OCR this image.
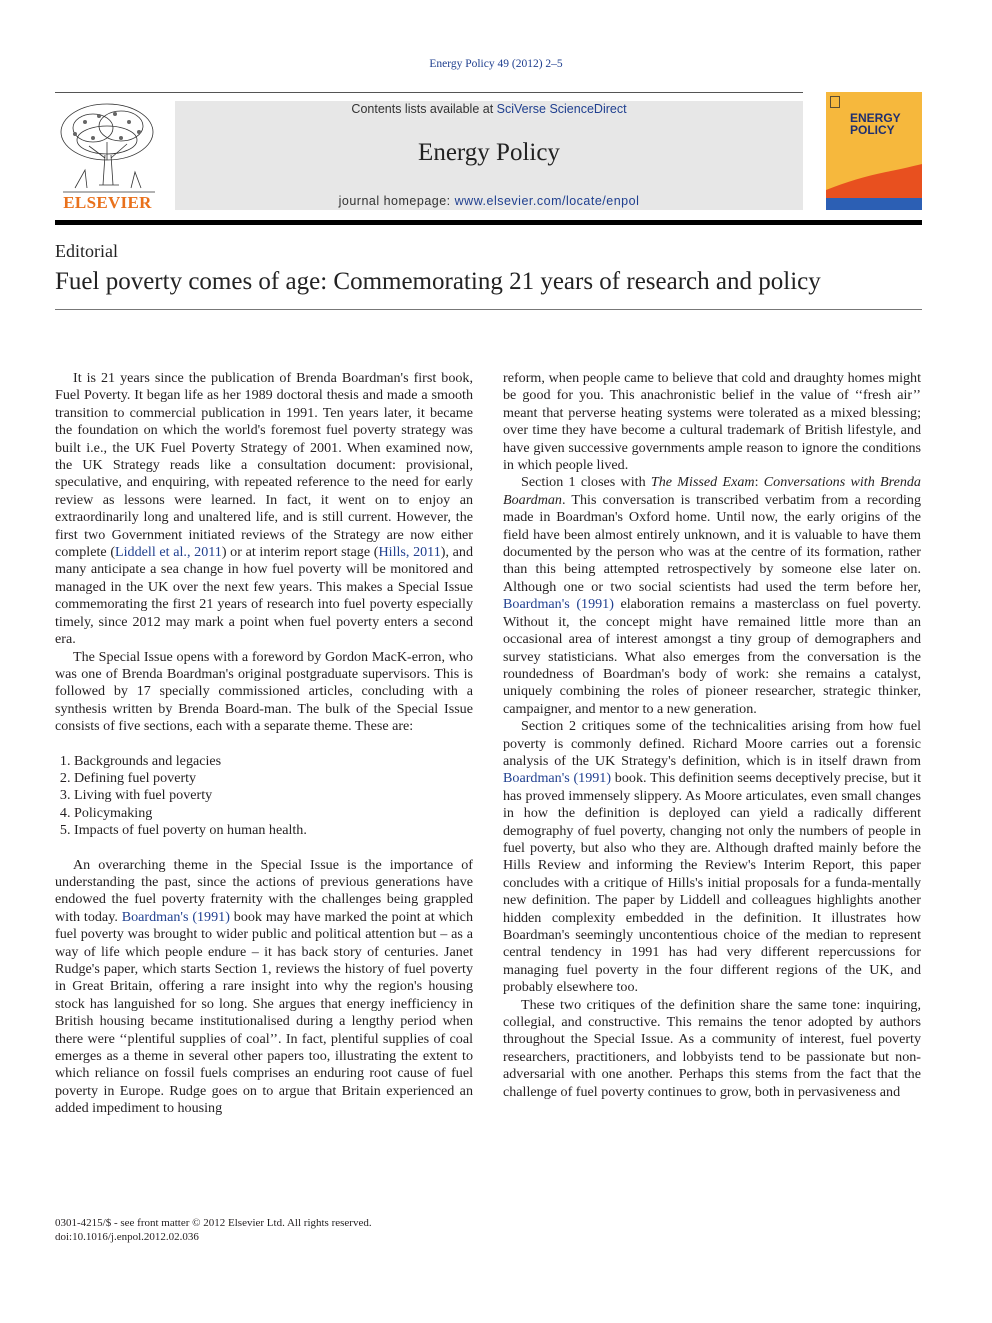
Energy Policy 49 (2012) 2–5
ELSEVIER
Contents lists available at SciVerse ScienceDirect
Energy Policy
journal homepage: www.elsevier.com/locate/enpol
ENERGY
POLICY
Editorial
Fuel poverty comes of age: Commemorating 21 years of research and policy

It is 21 years since the publication of Brenda Boardman's first book, Fuel Poverty. It began life as her 1989 doctoral thesis and made a smooth transition to commercial publication in 1991. Ten years later, it became the foundation on which the world's foremost fuel poverty strategy was built i.e., the UK Fuel Poverty Strategy of 2001. When examined now, the UK Strategy reads like a consultation document: provisional, speculative, and enquiring, with repeated reference to the need for early review as lessons were learned. In fact, it went on to enjoy an extraordinarily long and unaltered life, and is still current. However, the first two Government initiated reviews of the Strategy are now either complete (Liddell et al., 2011) or at interim report stage (Hills, 2011), and many anticipate a sea change in how fuel poverty will be monitored and managed in the UK over the next few years. This makes a Special Issue commemorating the first 21 years of research into fuel poverty especially timely, since 2012 may mark a point when fuel poverty enters a second era.

The Special Issue opens with a foreword by Gordon MacK-erron, who was one of Brenda Boardman's original postgraduate supervisors. This is followed by 17 specially commissioned articles, concluding with a synthesis written by Brenda Board-man. The bulk of the Special Issue consists of five sections, each with a separate theme. These are:

1. Backgrounds and legacies
2. Defining fuel poverty
3. Living with fuel poverty
4. Policymaking
5. Impacts of fuel poverty on human health.

An overarching theme in the Special Issue is the importance of understanding the past, since the actions of previous generations have endowed the fuel poverty fraternity with the challenges being grappled with today. Boardman's (1991) book may have marked the point at which fuel poverty was brought to wider public and political attention but – as a way of life which people endure – it has back story of centuries. Janet Rudge's paper, which starts Section 1, reviews the history of fuel poverty in Great Britain, offering a rare insight into why the region's housing stock has languished for so long. She argues that energy inefficiency in British housing became institutionalised during a lengthy period when there were ‘‘plentiful supplies of coal’’. In fact, plentiful supplies of coal emerges as a theme in several other papers too, illustrating the extent to which reliance on fossil fuels comprises an enduring root cause of fuel poverty in Europe. Rudge goes on to argue that Britain experienced an added impediment to housing

reform, when people came to believe that cold and draughty homes might be good for you. This anachronistic belief in the value of ‘‘fresh air’’ meant that perverse heating systems were tolerated as a mixed blessing; over time they have become a cultural trademark of British lifestyle, and have given successive governments ample reason to ignore the conditions in which people lived.

Section 1 closes with The Missed Exam: Conversations with Brenda Boardman. This conversation is transcribed verbatim from a recording made in Boardman's Oxford home. Until now, the early origins of the field have been almost entirely unknown, and it is valuable to have them documented by the person who was at the centre of its formation, rather than this being attempted retrospectively by someone else later on. Although one or two social scientists had used the term before her, Boardman's (1991) elaboration remains a masterclass on fuel poverty. Without it, the concept might have remained little more than an occasional area of interest amongst a tiny group of demographers and survey statisticians. What also emerges from the conversation is the roundedness of Boardman's body of work: she remains a catalyst, uniquely combining the roles of pioneer researcher, strategic thinker, campaigner, and mentor to a new generation.

Section 2 critiques some of the technicalities arising from how fuel poverty is commonly defined. Richard Moore carries out a forensic analysis of the UK Strategy's definition, which is in itself drawn from Boardman's (1991) book. This definition seems deceptively precise, but it has proved immensely slippery. As Moore articulates, even small changes in how the definition is deployed can yield a radically different demography of fuel poverty, changing not only the numbers of people in fuel poverty, but also who they are. Although drafted mainly before the Hills Review and informing the Review's Interim Report, this paper concludes with a critique of Hills's initial proposals for a funda-mentally new definition. The paper by Liddell and colleagues highlights another hidden complexity embedded in the definition. It illustrates how Boardman's seemingly uncontentious choice of the median to represent central tendency in 1991 has had very different repercussions for managing fuel poverty in the four different regions of the UK, and probably elsewhere too.

These two critiques of the definition share the same tone: inquiring, collegial, and constructive. This remains the tenor adopted by authors throughout the Special Issue. As a community of interest, fuel poverty researchers, practitioners, and lobbyists tend to be passionate but non-adversarial with one another. Perhaps this stems from the fact that the challenge of fuel poverty continues to grow, both in pervasiveness and

0301-4215/$ - see front matter © 2012 Elsevier Ltd. All rights reserved.
doi:10.1016/j.enpol.2012.02.036
